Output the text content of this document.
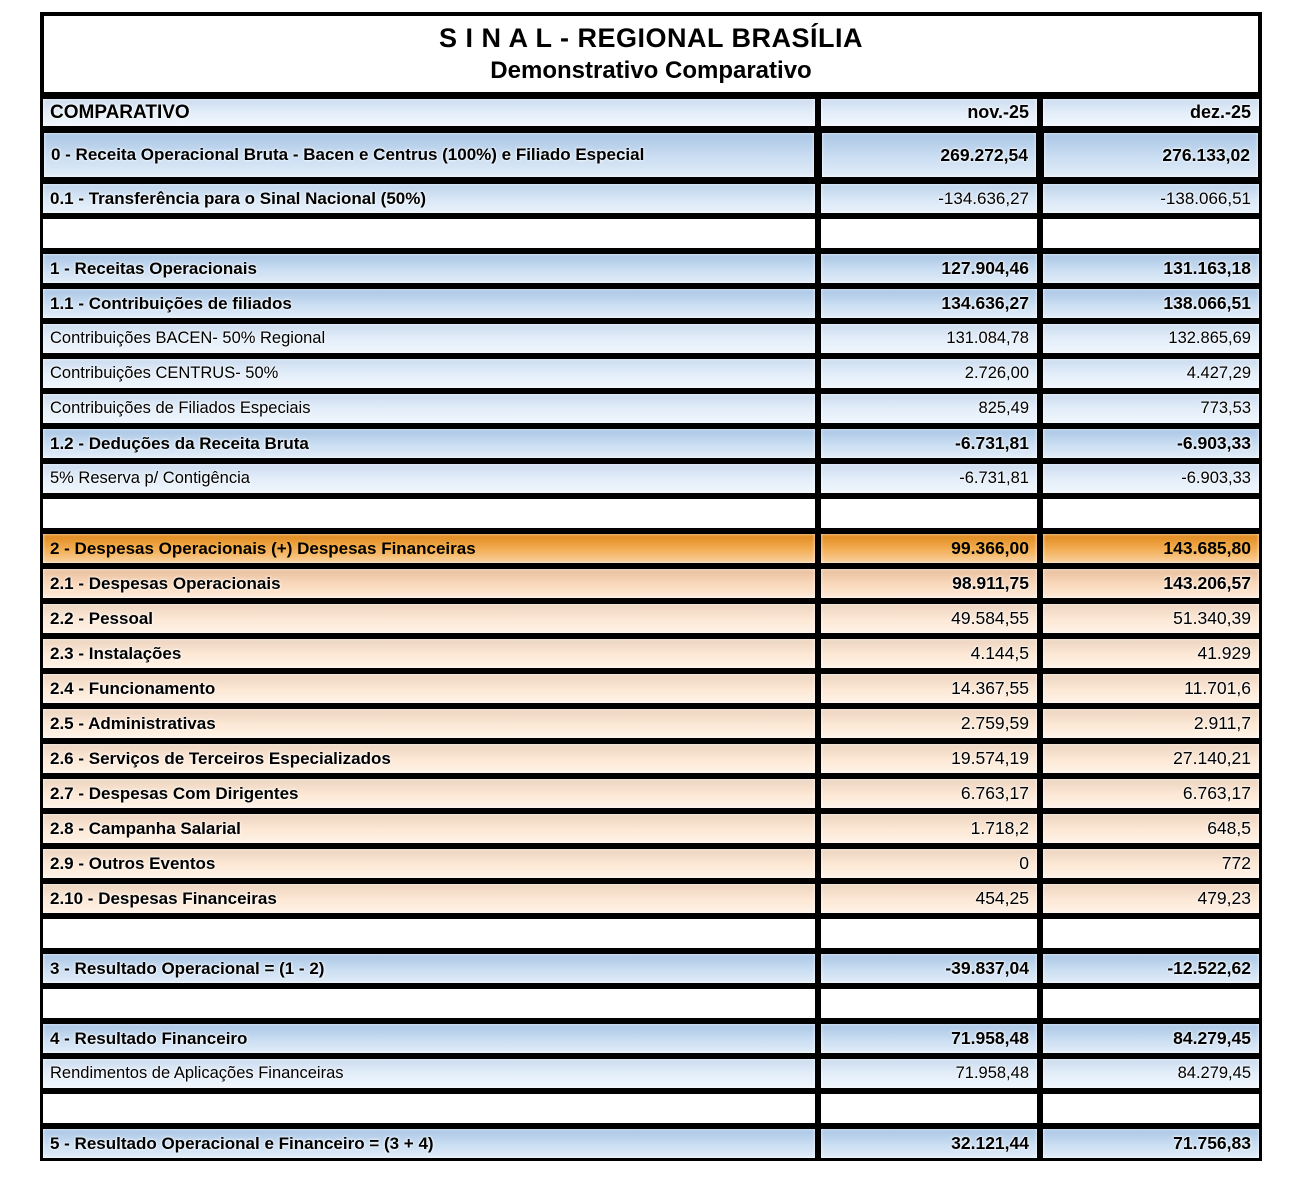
S I N A L - REGIONAL BRASÍLIA
Demonstrativo Comparativo
COMPARATIVO	nov.-25	dez.-25
0 - Receita Operacional Bruta - Bacen e Centrus (100%) e Filiado Especial	269.272,54	276.133,02
0.1 - Transferência para o Sinal Nacional (50%)	-134.636,27	-138.066,51
1 - Receitas Operacionais	127.904,46	131.163,18
1.1 - Contribuições de filiados	134.636,27	138.066,51
Contribuições BACEN- 50% Regional	131.084,78	132.865,69
Contribuições CENTRUS- 50%	2.726,00	4.427,29
Contribuições de Filiados Especiais	825,49	773,53
1.2 - Deduções da Receita Bruta	-6.731,81	-6.903,33
5% Reserva p/ Contigência	-6.731,81	-6.903,33
2 - Despesas Operacionais (+) Despesas Financeiras	99.366,00	143.685,80
2.1 - Despesas Operacionais	98.911,75	143.206,57
2.2 - Pessoal	49.584,55	51.340,39
2.3 - Instalações	4.144,5	41.929
2.4 - Funcionamento	14.367,55	11.701,6
2.5 - Administrativas	2.759,59	2.911,7
2.6 - Serviços de Terceiros Especializados	19.574,19	27.140,21
2.7 - Despesas Com Dirigentes	6.763,17	6.763,17
2.8 - Campanha Salarial	1.718,2	648,5
2.9 - Outros Eventos	0	772
2.10 - Despesas Financeiras	454,25	479,23
3 - Resultado Operacional = (1 - 2)	-39.837,04	-12.522,62
4 - Resultado Financeiro	71.958,48	84.279,45
Rendimentos de Aplicações Financeiras	71.958,48	84.279,45
5 - Resultado Operacional e Financeiro = (3 + 4)	32.121,44	71.756,83
